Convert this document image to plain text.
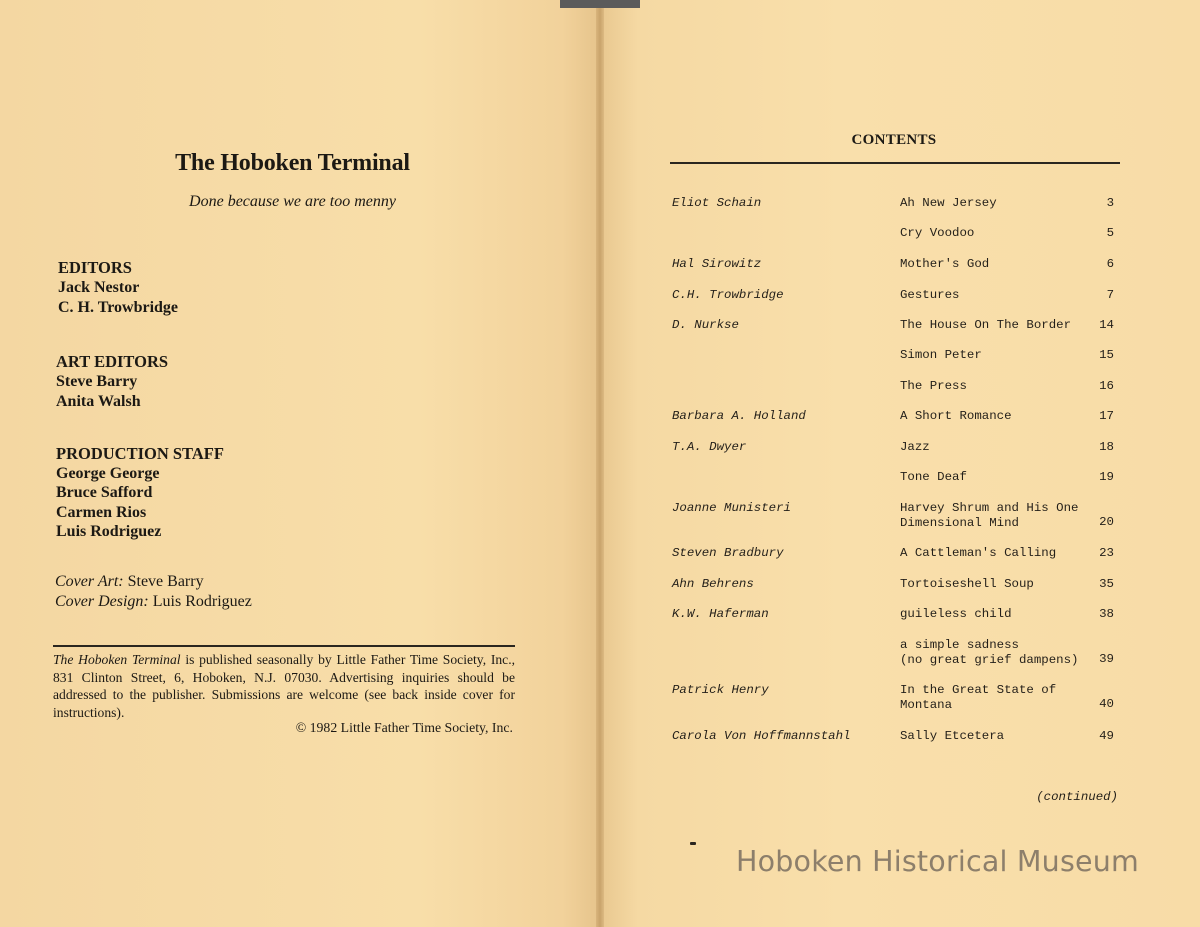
The Hoboken Terminal
Done because we are too menny
EDITORS
Jack Nestor
C. H. Trowbridge
ART EDITORS
Steve Barry
Anita Walsh
PRODUCTION STAFF
George George
Bruce Safford
Carmen Rios
Luis Rodriguez
Cover Art: Steve Barry
Cover Design: Luis Rodriguez
The Hoboken Terminal is published seasonally by Little Father Time Society, Inc., 831 Clinton Street, 6, Hoboken, N.J. 07030. Advertising inquiries should be addressed to the publisher. Submissions are welcome (see back inside cover for instructions).
© 1982 Little Father Time Society, Inc.
CONTENTS
Eliot Schain	Ah New Jersey	3
Cry Voodoo	5
Hal Sirowitz	Mother's God	6
C.H. Trowbridge	Gestures	7
D. Nurkse	The House On The Border	14
Simon Peter	15
The Press	16
Barbara A. Holland	A Short Romance	17
T.A. Dwyer	Jazz	18
Tone Deaf	19
Joanne Munisteri	Harvey Shrum and His One
Dimensional Mind	20
Steven Bradbury	A Cattleman's Calling	23
Ahn Behrens	Tortoiseshell Soup	35
K.W. Haferman	guileless child	38
a simple sadness
(no great grief dampens)	39
Patrick Henry	In the Great State of
Montana	40
Carola Von Hoffmannstahl	Sally Etcetera	49
(continued)
Hoboken Historical Museum
